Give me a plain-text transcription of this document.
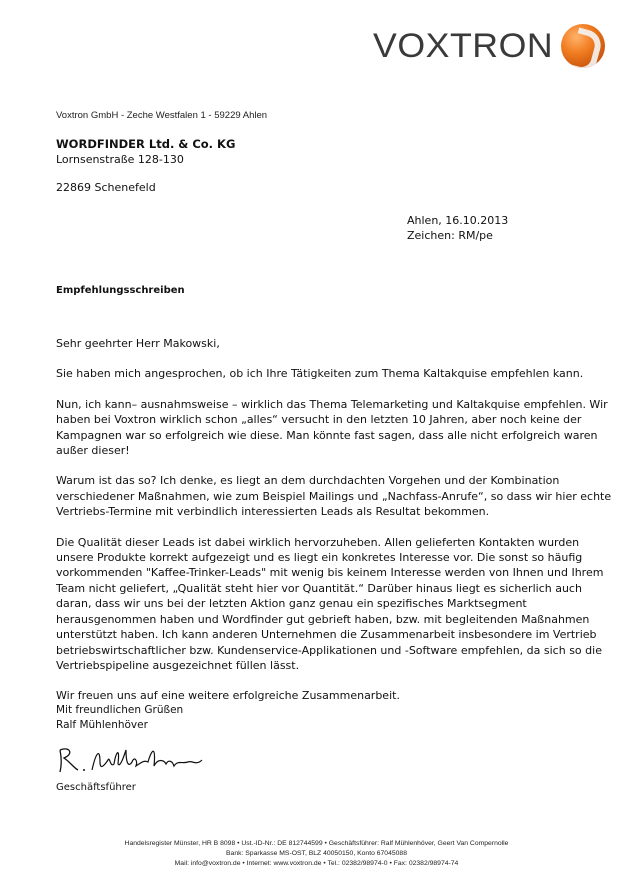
VOXTRON
Voxtron GmbH - Zeche Westfalen 1 - 59229 Ahlen
WORDFINDER Ltd. & Co. KG
Lornsenstraße 128-130
22869 Schenefeld
Ahlen, 16.10.2013
Zeichen: RM/pe
Empfehlungsschreiben

Sehr geehrter Herr Makowski,

Sie haben mich angesprochen, ob ich Ihre Tätigkeiten zum Thema Kaltakquise empfehlen kann.

Nun, ich kann– ausnahmsweise – wirklich das Thema Telemarketing und Kaltakquise empfehlen. Wir haben bei Voxtron wirklich schon „alles“ versucht in den letzten 10 Jahren, aber noch keine der Kampagnen war so erfolgreich wie diese. Man könnte fast sagen, dass alle nicht erfolgreich waren außer dieser!

Warum ist das so? Ich denke, es liegt an dem durchdachten Vorgehen und der Kombination verschiedener Maßnahmen, wie zum Beispiel Mailings und „Nachfass-Anrufe“, so dass wir hier echte Vertriebs-Termine mit verbindlich interessierten Leads als Resultat bekommen.

Die Qualität dieser Leads ist dabei wirklich hervorzuheben. Allen gelieferten Kontakten wurden unsere Produkte korrekt aufgezeigt und es liegt ein konkretes Interesse vor. Die sonst so häufig vorkommenden "Kaffee-Trinker-Leads" mit wenig bis keinem Interesse werden von Ihnen und Ihrem Team nicht geliefert, „Qualität steht hier vor Quantität.“ Darüber hinaus liegt es sicherlich auch daran, dass wir uns bei der letzten Aktion ganz genau ein spezifisches Marktsegment herausgenommen haben und Wordfinder gut gebrieft haben, bzw. mit begleitenden Maßnahmen unterstützt haben. Ich kann anderen Unternehmen die Zusammenarbeit insbesondere im Vertrieb betriebswirtschaftlicher bzw. Kundenservice-Applikationen und -Software empfehlen, da sich so die Vertriebspipeline ausgezeichnet füllen lässt.

Wir freuen uns auf eine weitere erfolgreiche Zusammenarbeit.

Mit freundlichen Grüßen
Ralf Mühlenhöver
Geschäftsführer
Handelsregister Münster, HR B 8098 • Ust.-ID-Nr.: DE 812744599 • Geschäftsführer: Ralf Mühlenhöver, Geert Van Compernolle
Bank: Sparkasse MS-OST, BLZ 40050150, Konto 67045088
Mail: info@voxtron.de • Internet: www.voxtron.de • Tel.: 02382/98974-0 • Fax: 02382/98974-74
